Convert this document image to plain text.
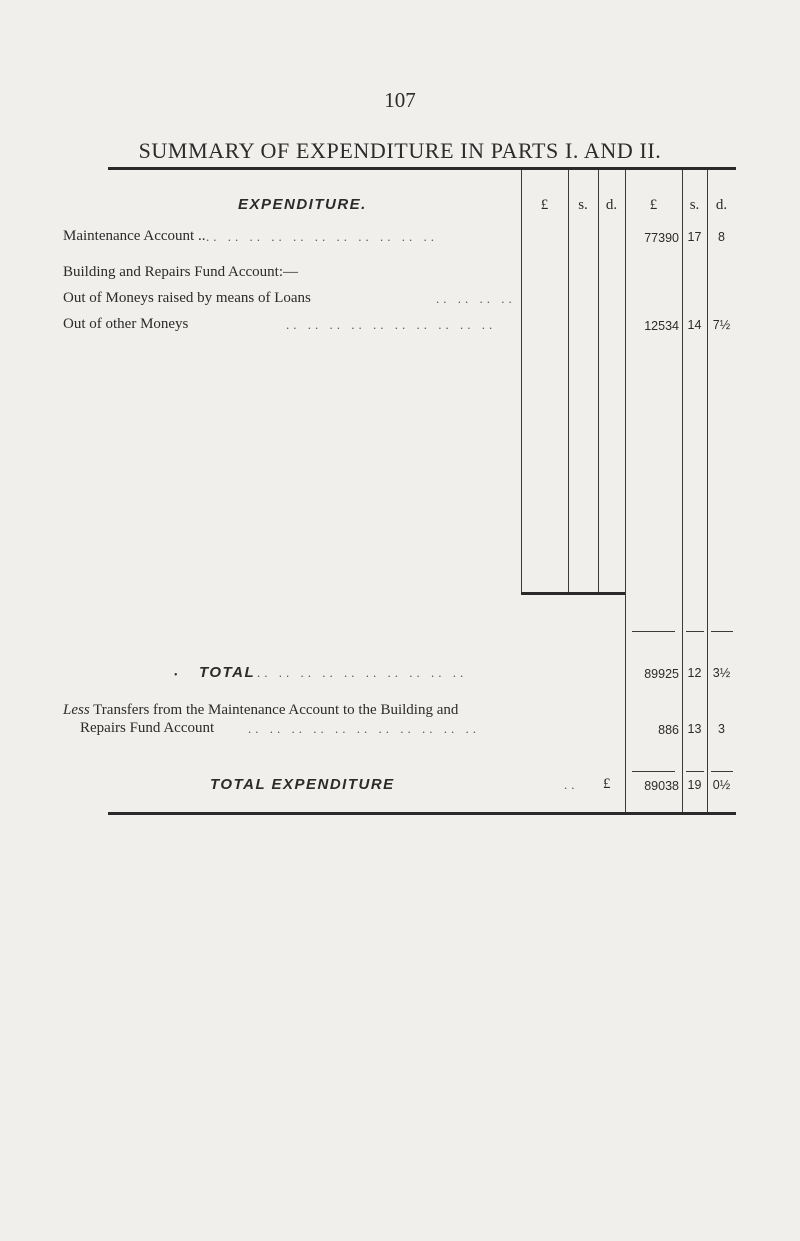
107
SUMMARY OF EXPENDITURE IN PARTS I. AND II.
EXPENDITURE.	£	s.	d.	£	s.	d.
Maintenance Account .. .. .. .. .. .. .. .. .. .. .. ..	77390 17	8
Building and Repairs Fund Account:—
Out of Moneys raised by means of Loans	.. .. .. ..
Out of other Moneys	.. .. .. .. .. .. .. .. .. ..	12534 14 7½
• TOTAL .. .. .. .. .. .. .. .. .. ..	89925 12 3½
Less Transfers from the Maintenance Account to the Building and
Repairs Fund Account	.. .. .. .. .. .. .. .. .. .. ..	886 13	3
TOTAL EXPENDITURE	.. £	89038 19 0½
